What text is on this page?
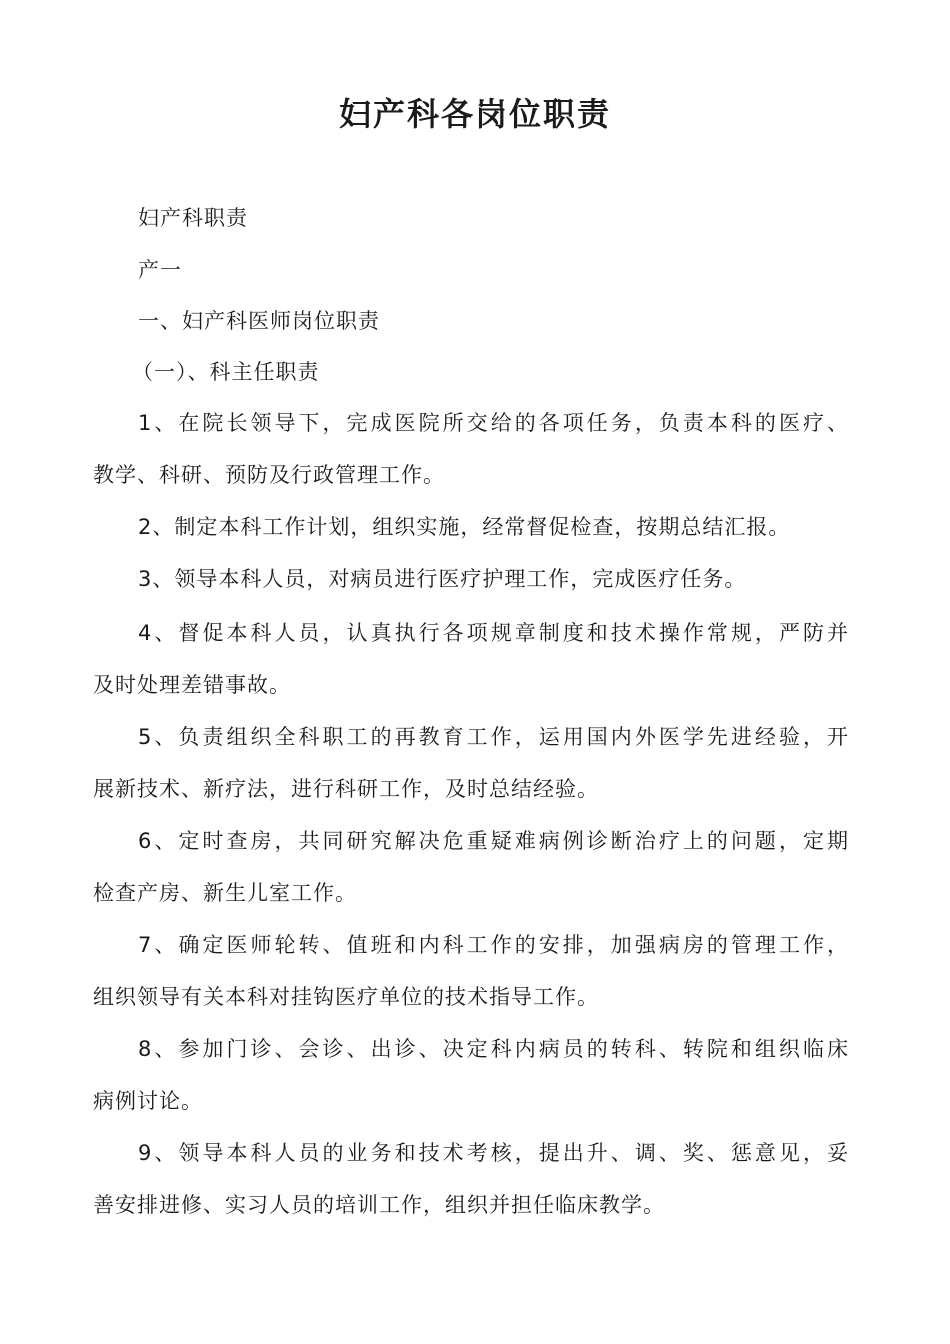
妇产科各岗位职责
妇产科职责
产一
一、妇产科医师岗位职责
（一）、科主任职责
1、在院长领导下，完成医院所交给的各项任务，负责本科的医疗、
教学、科研、预防及行政管理工作。
2、制定本科工作计划，组织实施，经常督促检查，按期总结汇报。
3、领导本科人员，对病员进行医疗护理工作，完成医疗任务。
4、督促本科人员，认真执行各项规章制度和技术操作常规，严防并
及时处理差错事故。
5、负责组织全科职工的再教育工作，运用国内外医学先进经验，开
展新技术、新疗法，进行科研工作，及时总结经验。
6、定时查房，共同研究解决危重疑难病例诊断治疗上的问题，定期
检查产房、新生儿室工作。
7、确定医师轮转、值班和内科工作的安排，加强病房的管理工作，
组织领导有关本科对挂钩医疗单位的技术指导工作。
8、参加门诊、会诊、出诊、决定科内病员的转科、转院和组织临床
病例讨论。
9、领导本科人员的业务和技术考核，提出升、调、奖、惩意见，妥
善安排进修、实习人员的培训工作，组织并担任临床教学。
